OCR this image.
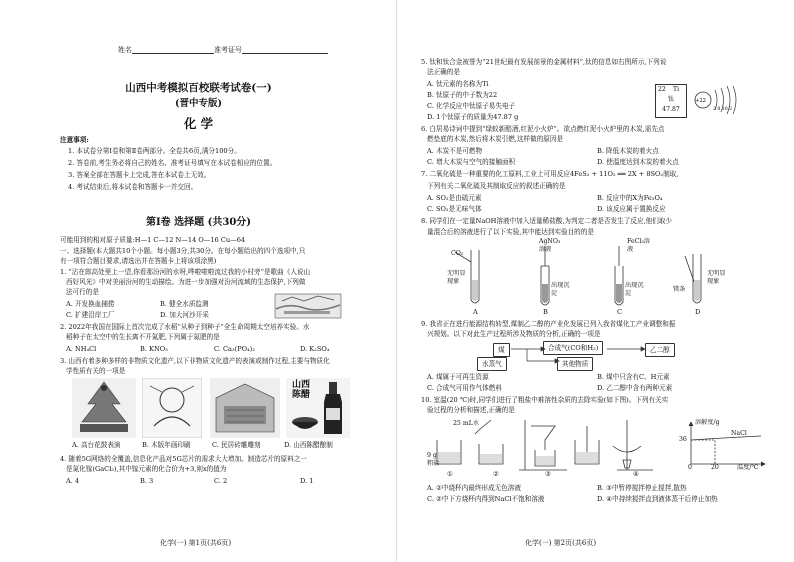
姓名	准考证号
山西中考模拟百校联考试卷(一)
(晋中专版)
化 学
注意事项:
1. 本试卷分第Ⅰ卷和第Ⅱ卷两部分。全卷共6页,满分100分。
2. 答卷前,考生务必将自己的姓名、准考证号填写在本试卷相应的位置。
3. 答案全部在答题卡上完成,答在本试卷上无效。
4. 考试结束后,将本试卷和答题卡一并交回。
第Ⅰ卷 选择题 (共30分)
可能用到的相对原子质量:H—1 C—12 N—14 O—16 Cu—64
一、选择题(本大题共10个小题。每小题3分,共30分。在每小题给出的四个选项中,只
有一项符合题目要求,请选出并在答题卡上将该项涂黑)
1. “沾在郎高处里上一望,你看那汾河的水呀,哗啦啦啦流过我的小村旁”是歌曲《人说山
西好风光》中对美丽汾河的生动描绘。为进一步加强对汾河流域的生态保护,下列做
法可行的是
A. 开发换血捕捞	B. 健全水质监测
C. 扩建沿岸工厂	D. 加大河沙开采
2. 2022年我国在国际上首次完成了水稻“从种子到种子”全生命周期太空培养实验。水
稻种子在太空中的生长离不开氮肥,下列属于氮肥的是
A. NH₄Cl	B. KNO₃	C. Ca₃(PO₄)₂	D. K₂SO₄
3. 山西有着多种多样的非物质文化遗产,以下非物质文化遗产的表演或制作过程,主要与物质化
学性质有关的一项是
山西陈醋
A. 高台花鼓表演	B. 木版年画印刷	C. 民居砖雕雕刻	D. 山西陈醋酿制
4. 随着5G网络的全覆盖,信息化产品对5G芯片的需求大大增加。制造芯片的原料之一
是氮化镓(GaCl₃),其中镓元素的化合价为+3,则x的值为
A. 4	B. 3	C. 2	D. 1
化学(一) 第1页(共6页)
5. 钛和钛合金被誉为“21世纪最有发展前景的金属材料”,钛的信息如右图所示,下列说
法正确的是
A. 钛元素的名称为Ti
B. 钛原子的中子数为22
C. 化学反应中钛原子易失电子
D. 1个钛原子的质量为47.87 g
22 Ti
钛
47.87
+22
2 8 10 2
6. 白居易诗词中提到“绿蚁新醅酒,红泥小火炉”。欲点燃红泥小火炉里的木炭,需先点
燃垫底的木炭,然后将木炭引燃,这样做的原因是
A. 木炭不是可燃物	B. 降低木炭的着火点
C. 增大木炭与空气的接触面积	D. 使温度达到木炭的着火点
7. 二氧化硫是一种重要的化工原料,工业上可用反应4FeS₂ + 11O₂ ══ 2X + 8SO₂制取,
下列有关二氧化硫及其制取反应的叙述正确的是
A. SO₂是由硫元素	B. 反应中的X为Fe₃O₄
C. SO₂是无味气体	D. 该反应属于置换反应
8. 同学们在一定量NaOH溶液中加入适量稀盐酸,为判定二者是否发生了反应,他们取少
量混合后的溶液进行了以下实验,其中能达到实验目的的是
CO₂
AgNO₃溶液
FeCl₃溶液
镁条
无明显现象
出现沉淀
出现沉淀
无明显现象
A	B	C	D
9. 我省正在进行能源结构转型,煤制乙二醇的产业化发展已列入我省煤化工产业调整和振
兴规划。以下对此生产过程所涉及物质的分析,正确的一项是
煤	合成气(CO和H₂)	乙二醇
水蒸气	其他物质
A. 煤属于可再生资源	B. 煤中只含有C、H元素
C. 合成气可用作气体燃料	D. 乙二醇中含有两种元素
10. 室温(20 ℃)时,同学们进行了粗盐中难溶性杂质的去除实验(如下图)。下列有关实
验过程的分析和描述,正确的是
25 mL水
9 g粗盐
①	②	③	④
溶解度/g
NaCl
36
0	20	温度/℃
A. ②中烧杯内最终形成无色溶液	B. ③中暂停搅拌停止搅拌,散热
C. ②中下方烧杯内得到NaCl不饱和溶液	D. ④中持续搅拌直到液体蒸干后停止加热
化学(一) 第2页(共6页)
